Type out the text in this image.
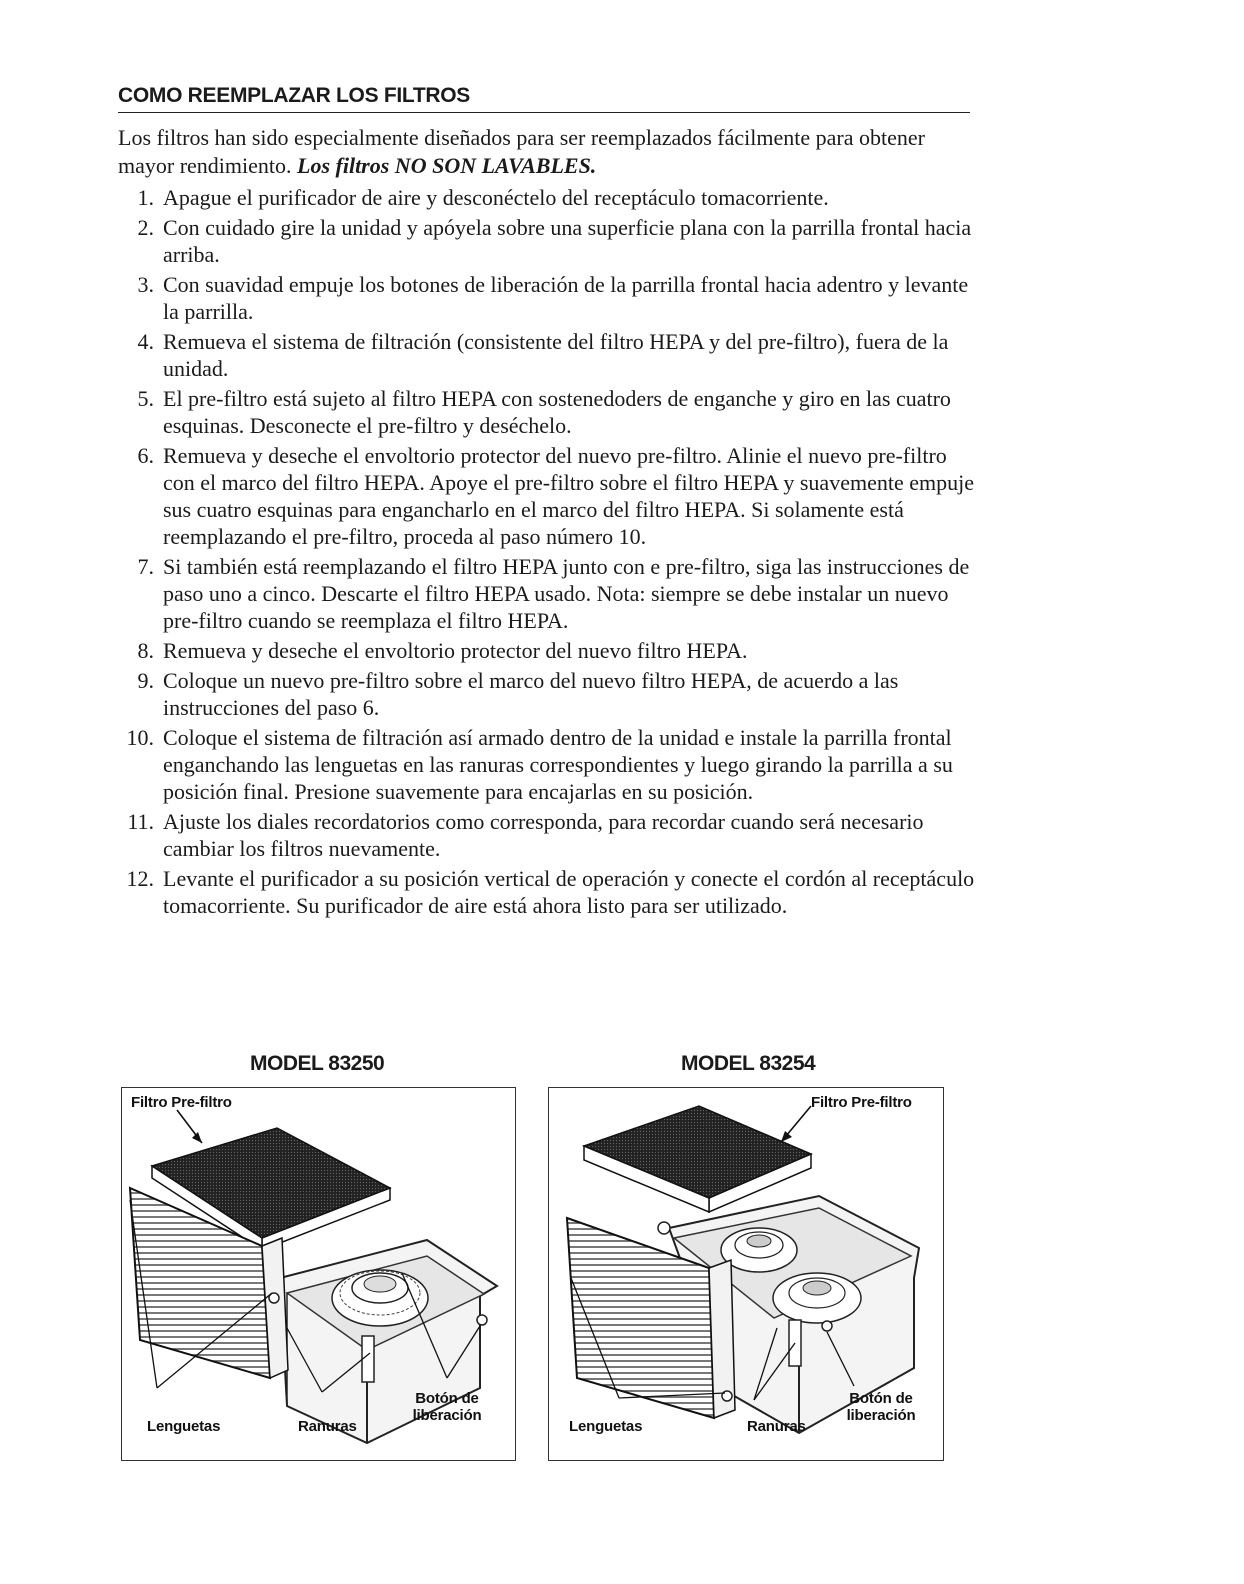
COMO REEMPLAZAR LOS FILTROS
Los filtros han sido especialmente diseñados para ser reemplazados fácilmente para obtener mayor rendimiento. Los filtros NO SON LAVABLES.
1. Apague el purificador de aire y desconéctelo del receptáculo tomacorriente.
2. Con cuidado gire la unidad y apóyela sobre una superficie plana con la parrilla frontal hacia arriba.
3. Con suavidad empuje los botones de liberación de la parrilla frontal hacia adentro y levante la parrilla.
4. Remueva el sistema de filtración (consistente del filtro HEPA y del pre-filtro), fuera de la unidad.
5. El pre-filtro está sujeto al filtro HEPA con sostenedoders de enganche y giro en las cuatro esquinas. Desconecte el pre-filtro y deséchelo.
6. Remueva y deseche el envoltorio protector del nuevo pre-filtro. Alinie el nuevo pre-filtro con el marco del filtro HEPA. Apoye el pre-filtro sobre el filtro HEPA y suavemente empuje sus cuatro esquinas para engancharlo en el marco del filtro HEPA. Si solamente está reemplazando el pre-filtro, proceda al paso número 10.
7. Si también está reemplazando el filtro HEPA junto con e pre-filtro, siga las instrucciones de paso uno a cinco. Descarte el filtro HEPA usado. Nota: siempre se debe instalar un nuevo pre-filtro cuando se reemplaza el filtro HEPA.
8. Remueva y deseche el envoltorio protector del nuevo filtro HEPA.
9. Coloque un nuevo pre-filtro sobre el marco del nuevo filtro HEPA, de acuerdo a las instrucciones del paso 6.
10. Coloque el sistema de filtración así armado dentro de la unidad e instale la parrilla frontal enganchando las lenguetas en las ranuras correspondientes y luego girando la parrilla a su posición final. Presione suavemente para encajarlas en su posición.
11. Ajuste los diales recordatorios como corresponda, para recordar cuando será necesario cambiar los filtros nuevamente.
12. Levante el purificador a su posición vertical de operación y conecte el cordón al receptáculo tomacorriente. Su purificador de aire está ahora listo para ser utilizado.
MODEL 83250
Filtro Pre-filtro
Lenguetas	Ranuras
Botón de
liberación
MODEL 83254
Filtro Pre-filtro
Lenguetas	Ranuras
Botón de
liberación
